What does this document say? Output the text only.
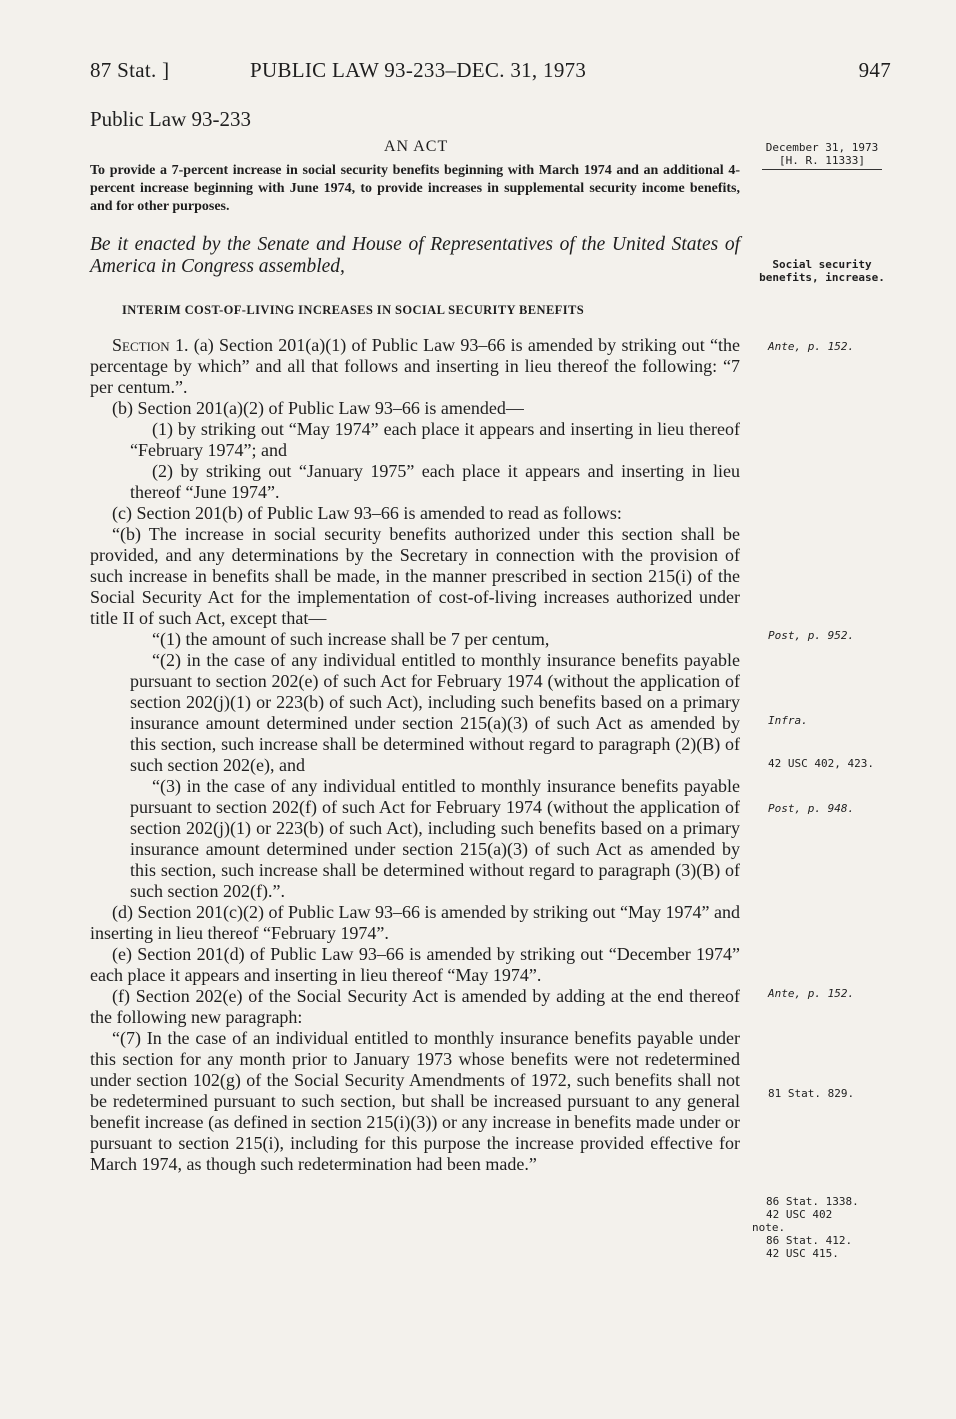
87 Stat. ]	PUBLIC LAW 93-233–DEC. 31, 1973	947
Public Law 93-233
AN ACT	December 31, 1973
[H. R. 11333]
To provide a 7-percent increase in social security benefits beginning with March 1974 and an additional 4-percent increase beginning with June 1974, to provide increases in supplemental security income benefits, and for other purposes.
Be it enacted by the Senate and House of Representatives of the United States of America in Congress assembled,	Social security benefits, increase.
INTERIM COST-OF-LIVING INCREASES IN SOCIAL SECURITY BENEFITS

Section 1. (a) Section 201(a)(1) of Public Law 93–66 is amended by striking out “the percentage by which” and all that follows and inserting in lieu thereof the following: “7 per centum.”.

(b) Section 201(a)(2) of Public Law 93–66 is amended—

(1) by striking out “May 1974” each place it appears and inserting in lieu thereof “February 1974”; and

(2) by striking out “January 1975” each place it appears and inserting in lieu thereof “June 1974”.

(c) Section 201(b) of Public Law 93–66 is amended to read as follows:

“(b) The increase in social security benefits authorized under this section shall be provided, and any determinations by the Secretary in connection with the provision of such increase in benefits shall be made, in the manner prescribed in section 215(i) of the Social Security Act for the implementation of cost-of-living increases authorized under title II of such Act, except that—

“(1) the amount of such increase shall be 7 per centum,

“(2) in the case of any individual entitled to monthly insurance benefits payable pursuant to section 202(e) of such Act for February 1974 (without the application of section 202(j)(1) or 223(b) of such Act), including such benefits based on a primary insurance amount determined under section 215(a)(3) of such Act as amended by this section, such increase shall be determined without regard to paragraph (2)(B) of such section 202(e), and

“(3) in the case of any individual entitled to monthly insurance benefits payable pursuant to section 202(f) of such Act for February 1974 (without the application of section 202(j)(1) or 223(b) of such Act), including such benefits based on a primary insurance amount determined under section 215(a)(3) of such Act as amended by this section, such increase shall be determined without regard to paragraph (3)(B) of such section 202(f).”.

(d) Section 201(c)(2) of Public Law 93–66 is amended by striking out “May 1974” and inserting in lieu thereof “February 1974”.

(e) Section 201(d) of Public Law 93–66 is amended by striking out “December 1974” each place it appears and inserting in lieu thereof “May 1974”.

(f) Section 202(e) of the Social Security Act is amended by adding at the end thereof the following new paragraph:

“(7) In the case of an individual entitled to monthly insurance benefits payable under this section for any month prior to January 1973 whose benefits were not redetermined under section 102(g) of the Social Security Amendments of 1972, such benefits shall not be redetermined pursuant to such section, but shall be increased pursuant to any general benefit increase (as defined in section 215(i)(3)) or any increase in benefits made under or pursuant to section 215(i), including for this purpose the increase provided effective for March 1974, as though such redetermination had been made.”

Ante, p. 152.
Post, p. 952.
Infra.
42 USC 402, 423.
Post, p. 948.
Ante, p. 152.
81 Stat. 829.
86 Stat. 1338.
42 USC 402 note.
86 Stat. 412.
42 USC 415.
